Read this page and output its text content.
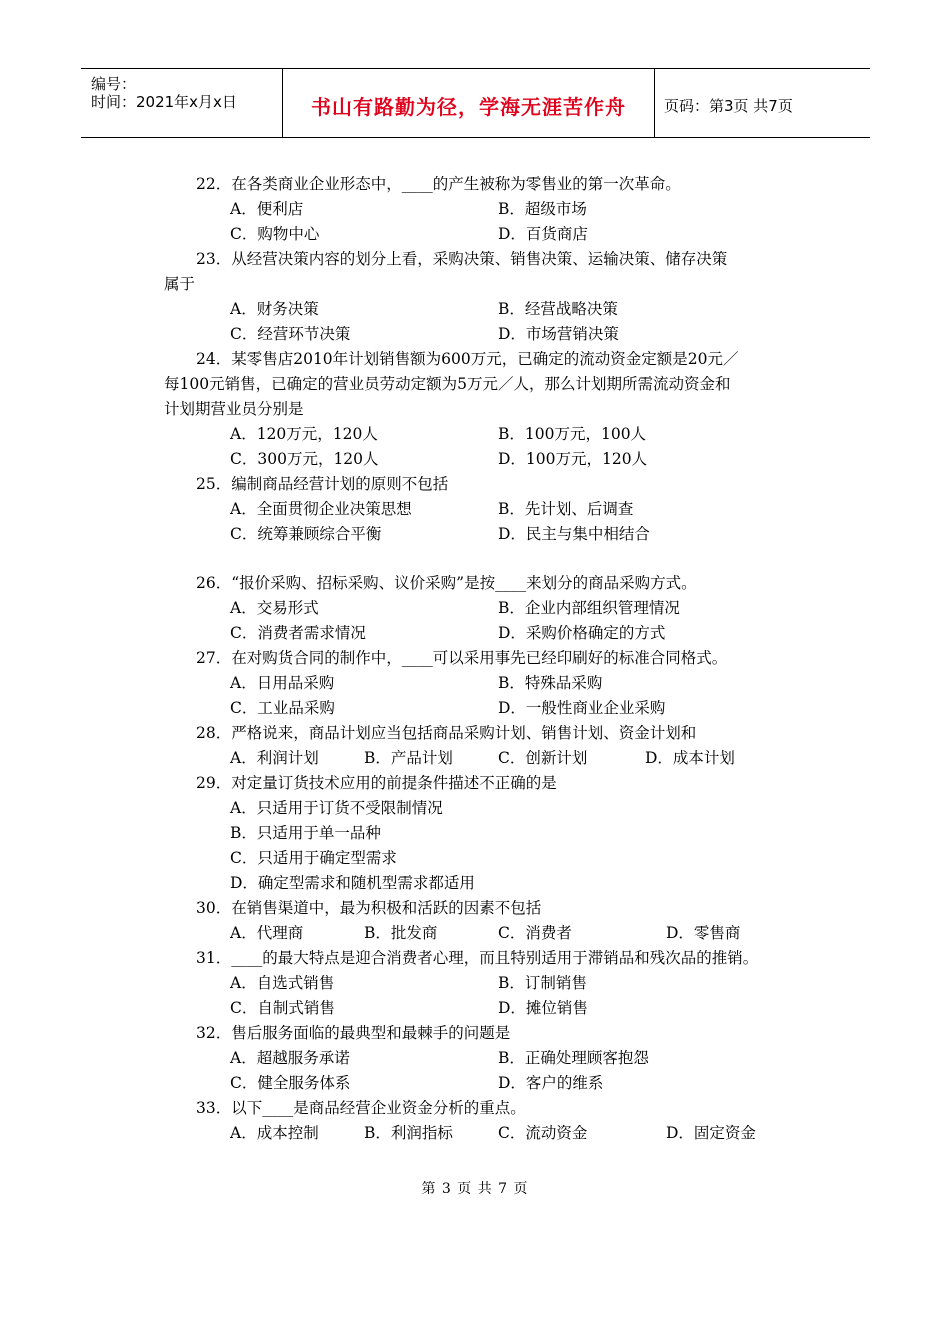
编号：
时间：2021年x月x日	书山有路勤为径，学海无涯苦作舟	页码：第3页 共7页
22．在各类商业企业形态中，____的产生被称为零售业的第一次革命。
A．便利店	B．超级市场
C．购物中心	D．百货商店
23．从经营决策内容的划分上看，采购决策、销售决策、运输决策、储存决策
属于
A．财务决策	B．经营战略决策
C．经营环节决策	D．市场营销决策
24．某零售店2010年计划销售额为600万元，已确定的流动资金定额是20元／
每100元销售，已确定的营业员劳动定额为5万元／人，那么计划期所需流动资金和
计划期营业员分别是
A．120万元，120人	B．100万元，100人
C．300万元，120人	D．100万元，120人
25．编制商品经营计划的原则不包括
A．全面贯彻企业决策思想	B．先计划、后调查
C．统筹兼顾综合平衡	D．民主与集中相结合
26．“报价采购、招标采购、议价采购”是按____来划分的商品采购方式。
A．交易形式	B．企业内部组织管理情况
C．消费者需求情况	D．采购价格确定的方式
27．在对购货合同的制作中，____可以采用事先已经印刷好的标准合同格式。
A．日用品采购	B．特殊品采购
C．工业品采购	D．一般性商业企业采购
28．严格说来，商品计划应当包括商品采购计划、销售计划、资金计划和
A．利润计划	B．产品计划	C．创新计划	D．成本计划
29．对定量订货技术应用的前提条件描述不正确的是
A．只适用于订货不受限制情况
B．只适用于单一品种
C．只适用于确定型需求
D．确定型需求和随机型需求都适用
30．在销售渠道中，最为积极和活跃的因素不包括
A．代理商	B．批发商	C．消费者	D．零售商
31．____的最大特点是迎合消费者心理，而且特别适用于滞销品和残次品的推销。
A．自选式销售	B．订制销售
C．自制式销售	D．摊位销售
32．售后服务面临的最典型和最棘手的问题是
A．超越服务承诺	B．正确处理顾客抱怨
C．健全服务体系	D．客户的维系
33．以下____是商品经营企业资金分析的重点。
A．成本控制	B．利润指标	C．流动资金	D．固定资金
第 3 页 共 7 页
